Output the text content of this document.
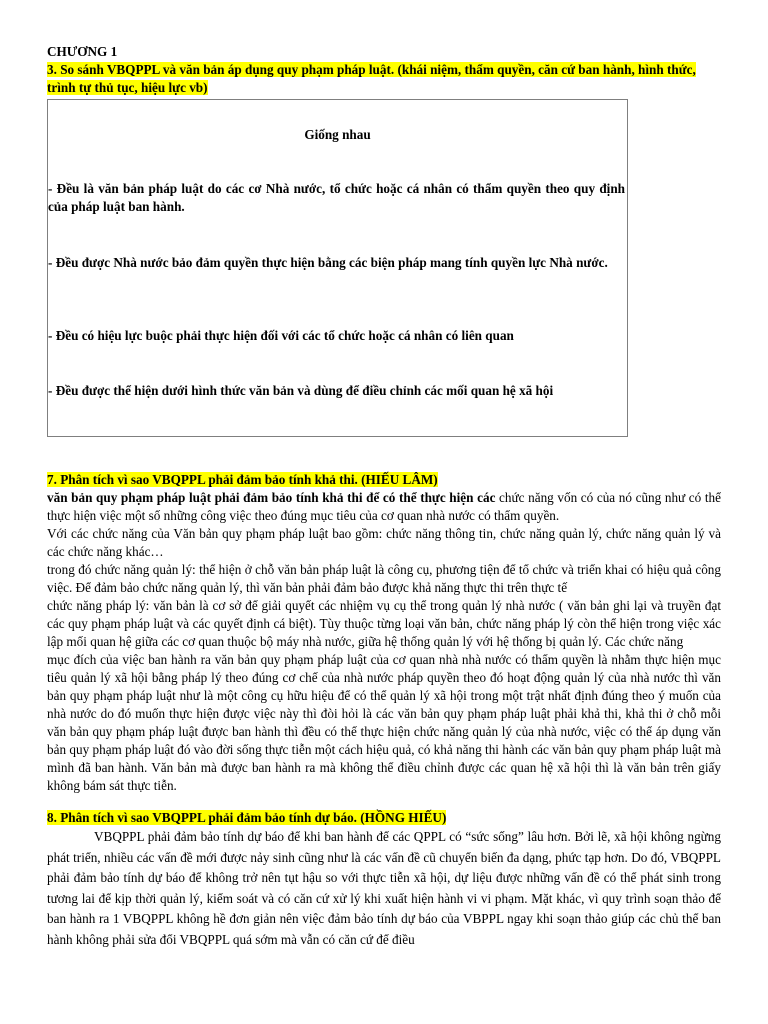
CHƯƠNG 1
3. So sánh VBQPPL và văn bản áp dụng quy phạm pháp luật. (khái niệm, thẩm quyền, căn cứ ban hành, hình thức, trình tự thủ tục, hiệu lực vb)
Giống nhau
- Đều là văn bản pháp luật do các cơ Nhà nước, tổ chức hoặc cá nhân có thẩm quyền theo quy định của pháp luật ban hành.
- Đều được Nhà nước bảo đảm quyền thực hiện bằng các biện pháp mang tính quyền lực Nhà nước.
- Đều có hiệu lực buộc phải thực hiện đối với các tổ chức hoặc cá nhân có liên quan
- Đều được thể hiện dưới hình thức văn bản và dùng để điều chỉnh các mối quan hệ xã hội
7. Phân tích vì sao VBQPPL phải đảm bảo tính khả thi. (HIẾU LÂM)

văn bản quy phạm pháp luật phải đảm bảo tính khả thi để có thể thực hiện các chức năng vốn có của nó cũng như có thể thực hiện việc một số những công việc theo đúng mục tiêu của cơ quan nhà nước có thẩm quyền.

Với các chức năng của Văn bản quy phạm pháp luật bao gồm: chức năng thông tin, chức năng quản lý, chức năng quản lý và các chức năng khác…

trong đó chức năng quản lý: thể hiện ở chỗ văn bản pháp luật là công cụ, phương tiện để tổ chức và triển khai có hiệu quả công việc. Để đảm bảo chức năng quản lý, thì văn bản phải đảm bảo được khả năng thực thi trên thực tế

chức năng pháp lý: văn bản là cơ sở để giải quyết các nhiệm vụ cụ thể trong quản lý nhà nước ( văn bản ghi lại và truyền đạt các quy phạm pháp luật và các quyết định cá biệt). Tùy thuộc từng loại văn bản, chức năng pháp lý còn thể hiện trong việc xác lập mối quan hệ giữa các cơ quan thuộc bộ máy nhà nước, giữa hệ thống quản lý với hệ thống bị quản lý. Các chức năng

mục đích của việc ban hành ra văn bản quy phạm pháp luật của cơ quan nhà nhà nước có thẩm quyền là nhằm thực hiện mục tiêu quản lý xã hội bằng pháp lý theo đúng cơ chế của nhà nước pháp quyền theo đó hoạt động quản lý của nhà nước thì văn bản quy phạm pháp luật như là một công cụ hữu hiệu để có thể quản lý xã hội trong một trật nhất định đúng theo ý muốn của nhà nước do đó muốn thực hiện được việc này thì đòi hỏi là các văn bản quy phạm pháp luật phải khả thi, khả thi ở chỗ mỗi văn bản quy phạm pháp luật được ban hành thì đều có thể thực hiện chức năng quản lý của nhà nước, việc có thể áp dụng văn bản quy phạm pháp luật đó vào đời sống thực tiễn một cách hiệu quả, có khả năng thi hành các văn bản quy phạm pháp luật mà mình đã ban hành. Văn bản mà được ban hành ra mà không thể điều chỉnh được các quan hệ xã hội thì là văn bản trên giấy không bám sát thực tiễn.

8. Phân tích vì sao VBQPPL phải đảm bảo tính dự báo. (HỒNG HIẾU)

VBQPPL phải đảm bảo tính dự báo để khi ban hành để các QPPL có “sức sống” lâu hơn. Bởi lẽ, xã hội không ngừng phát triển, nhiều các vấn đề mới được nảy sinh cũng như là các vấn đề cũ chuyển biến đa dạng, phức tạp hơn. Do đó, VBQPPL phải đảm bảo tính dự báo để không trở nên tụt hậu so với thực tiễn xã hội, dự liệu được những vấn đề có thể phát sinh trong tương lai để kịp thời quản lý, kiểm soát và có căn cứ xử lý khi xuất hiện hành vi vi phạm. Mặt khác, vì quy trình soạn thảo để ban hành ra 1 VBQPPL không hề đơn giản nên việc đảm bảo tính dự báo của VBPPL ngay khi soạn thảo giúp các chủ thể ban hành không phải sửa đổi VBQPPL quá sớm mà vẫn có căn cứ để điều
